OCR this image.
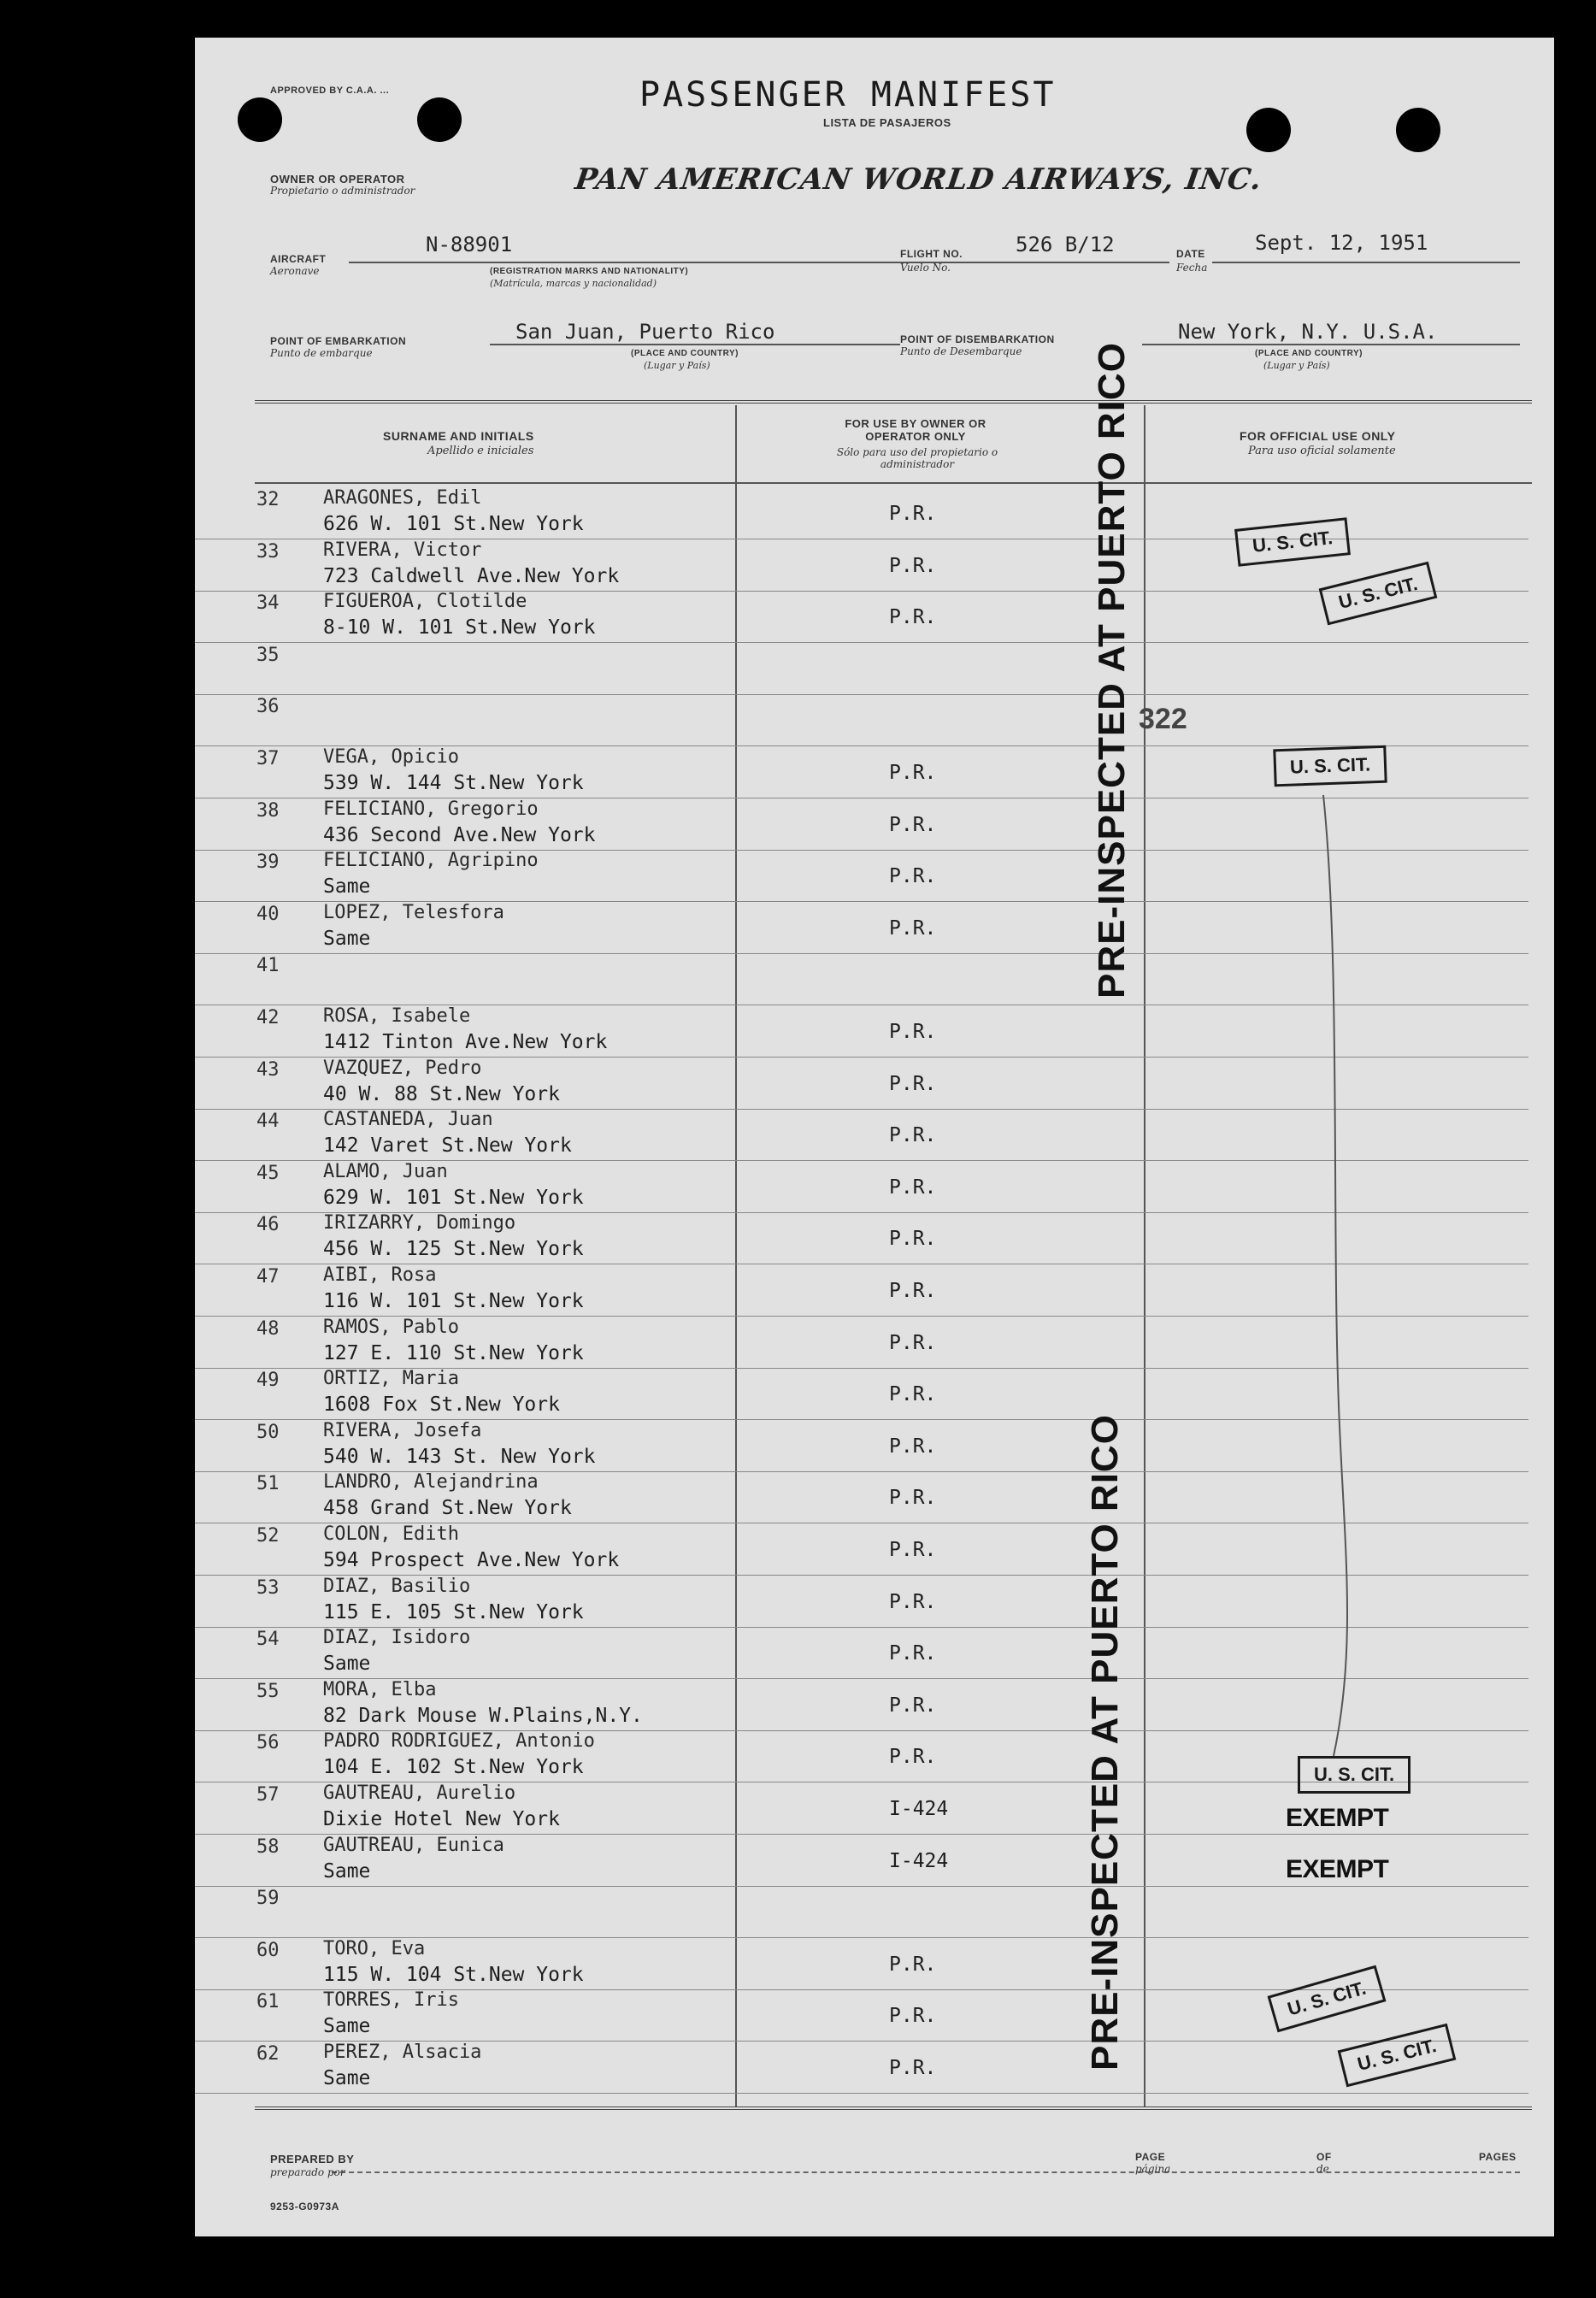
APPROVED BY C.A.A. ...	PASSENGER MANIFEST
LISTA DE PASAJEROS
OWNER OR OPERATOR
Propietario o administrador	PAN AMERICAN WORLD AIRWAYS, INC.
AIRCRAFT
Aeronave
N-88901
(REGISTRATION MARKS AND NATIONALITY)
(Matrícula, marcas y nacionalidad)
FLIGHT NO.
Vuelo No.
526 B/12	DATE
Fecha
Sept. 12, 1951
POINT OF EMBARKATION
Punto de embarque
San Juan, Puerto Rico
(PLACE AND COUNTRY)
(Lugar y País)
POINT OF DISEMBARKATION
Punto de Desembarque
New York, N.Y. U.S.A.
(PLACE AND COUNTRY)
(Lugar y País)
SURNAME AND INITIALS
Apellido e iniciales
FOR USE BY OWNER OR OPERATOR ONLY
Sólo para uso del propietario o administrador
FOR OFFICIAL USE ONLY
Para uso oficial solamente
32 ARAGONES, Edil
626 W. 101 St.New York	P.R.
33 RIVERA, Victor
723 Caldwell Ave.New York	P.R.
34 FIGUEROA, Clotilde
8-10 W. 101 St.New York	P.R.
35
36
37 VEGA, Opicio
539 W. 144 St.New York	P.R.
38 FELICIANO, Gregorio
436 Second Ave.New York	P.R.
39 FELICIANO, Agripino
Same	P.R.
40 LOPEZ, Telesfora
Same	P.R.
41
42 ROSA, Isabele
1412 Tinton Ave.New York	P.R.
43 VAZQUEZ, Pedro
40 W. 88 St.New York	P.R.
44 CASTANEDA, Juan
142 Varet St.New York	P.R.
45 ALAMO, Juan
629 W. 101 St.New York	P.R.
46 IRIZARRY, Domingo
456 W. 125 St.New York	P.R.
47 AIBI, Rosa
116 W. 101 St.New York	P.R.
48 RAMOS, Pablo
127 E. 110 St.New York	P.R.
49 ORTIZ, Maria
1608 Fox St.New York	P.R.
50 RIVERA, Josefa
540 W. 143 St. New York	P.R.
51 LANDRO, Alejandrina
458 Grand St.New York	P.R.
52 COLON, Edith
594 Prospect Ave.New York	P.R.
53 DIAZ, Basilio
115 E. 105 St.New York	P.R.
54 DIAZ, Isidoro
Same	P.R.
55 MORA, Elba
82 Dark Mouse W.Plains,N.Y.	P.R.
56 PADRO RODRIGUEZ, Antonio
104 E. 102 St.New York	P.R.
57 GAUTREAU, Aurelio
Dixie Hotel New York	I-424
58 GAUTREAU, Eunica
Same	I-424
59
60 TORO, Eva
115 W. 104 St.New York	P.R.
61 TORRES, Iris
Same	P.R.
62 PEREZ, Alsacia
Same	P.R.
PRE-INSPECTED AT PUERTO RICO
PRE-INSPECTED AT PUERTO RICO
322
U. S. CIT.
U. S. CIT.
U. S. CIT.
U. S. CIT.
U. S. CIT.
U. S. CIT.
EXEMPT
EXEMPT
PREPARED BY
preparado por
PAGE
página
OF
de
PAGES
9253-G0973A
